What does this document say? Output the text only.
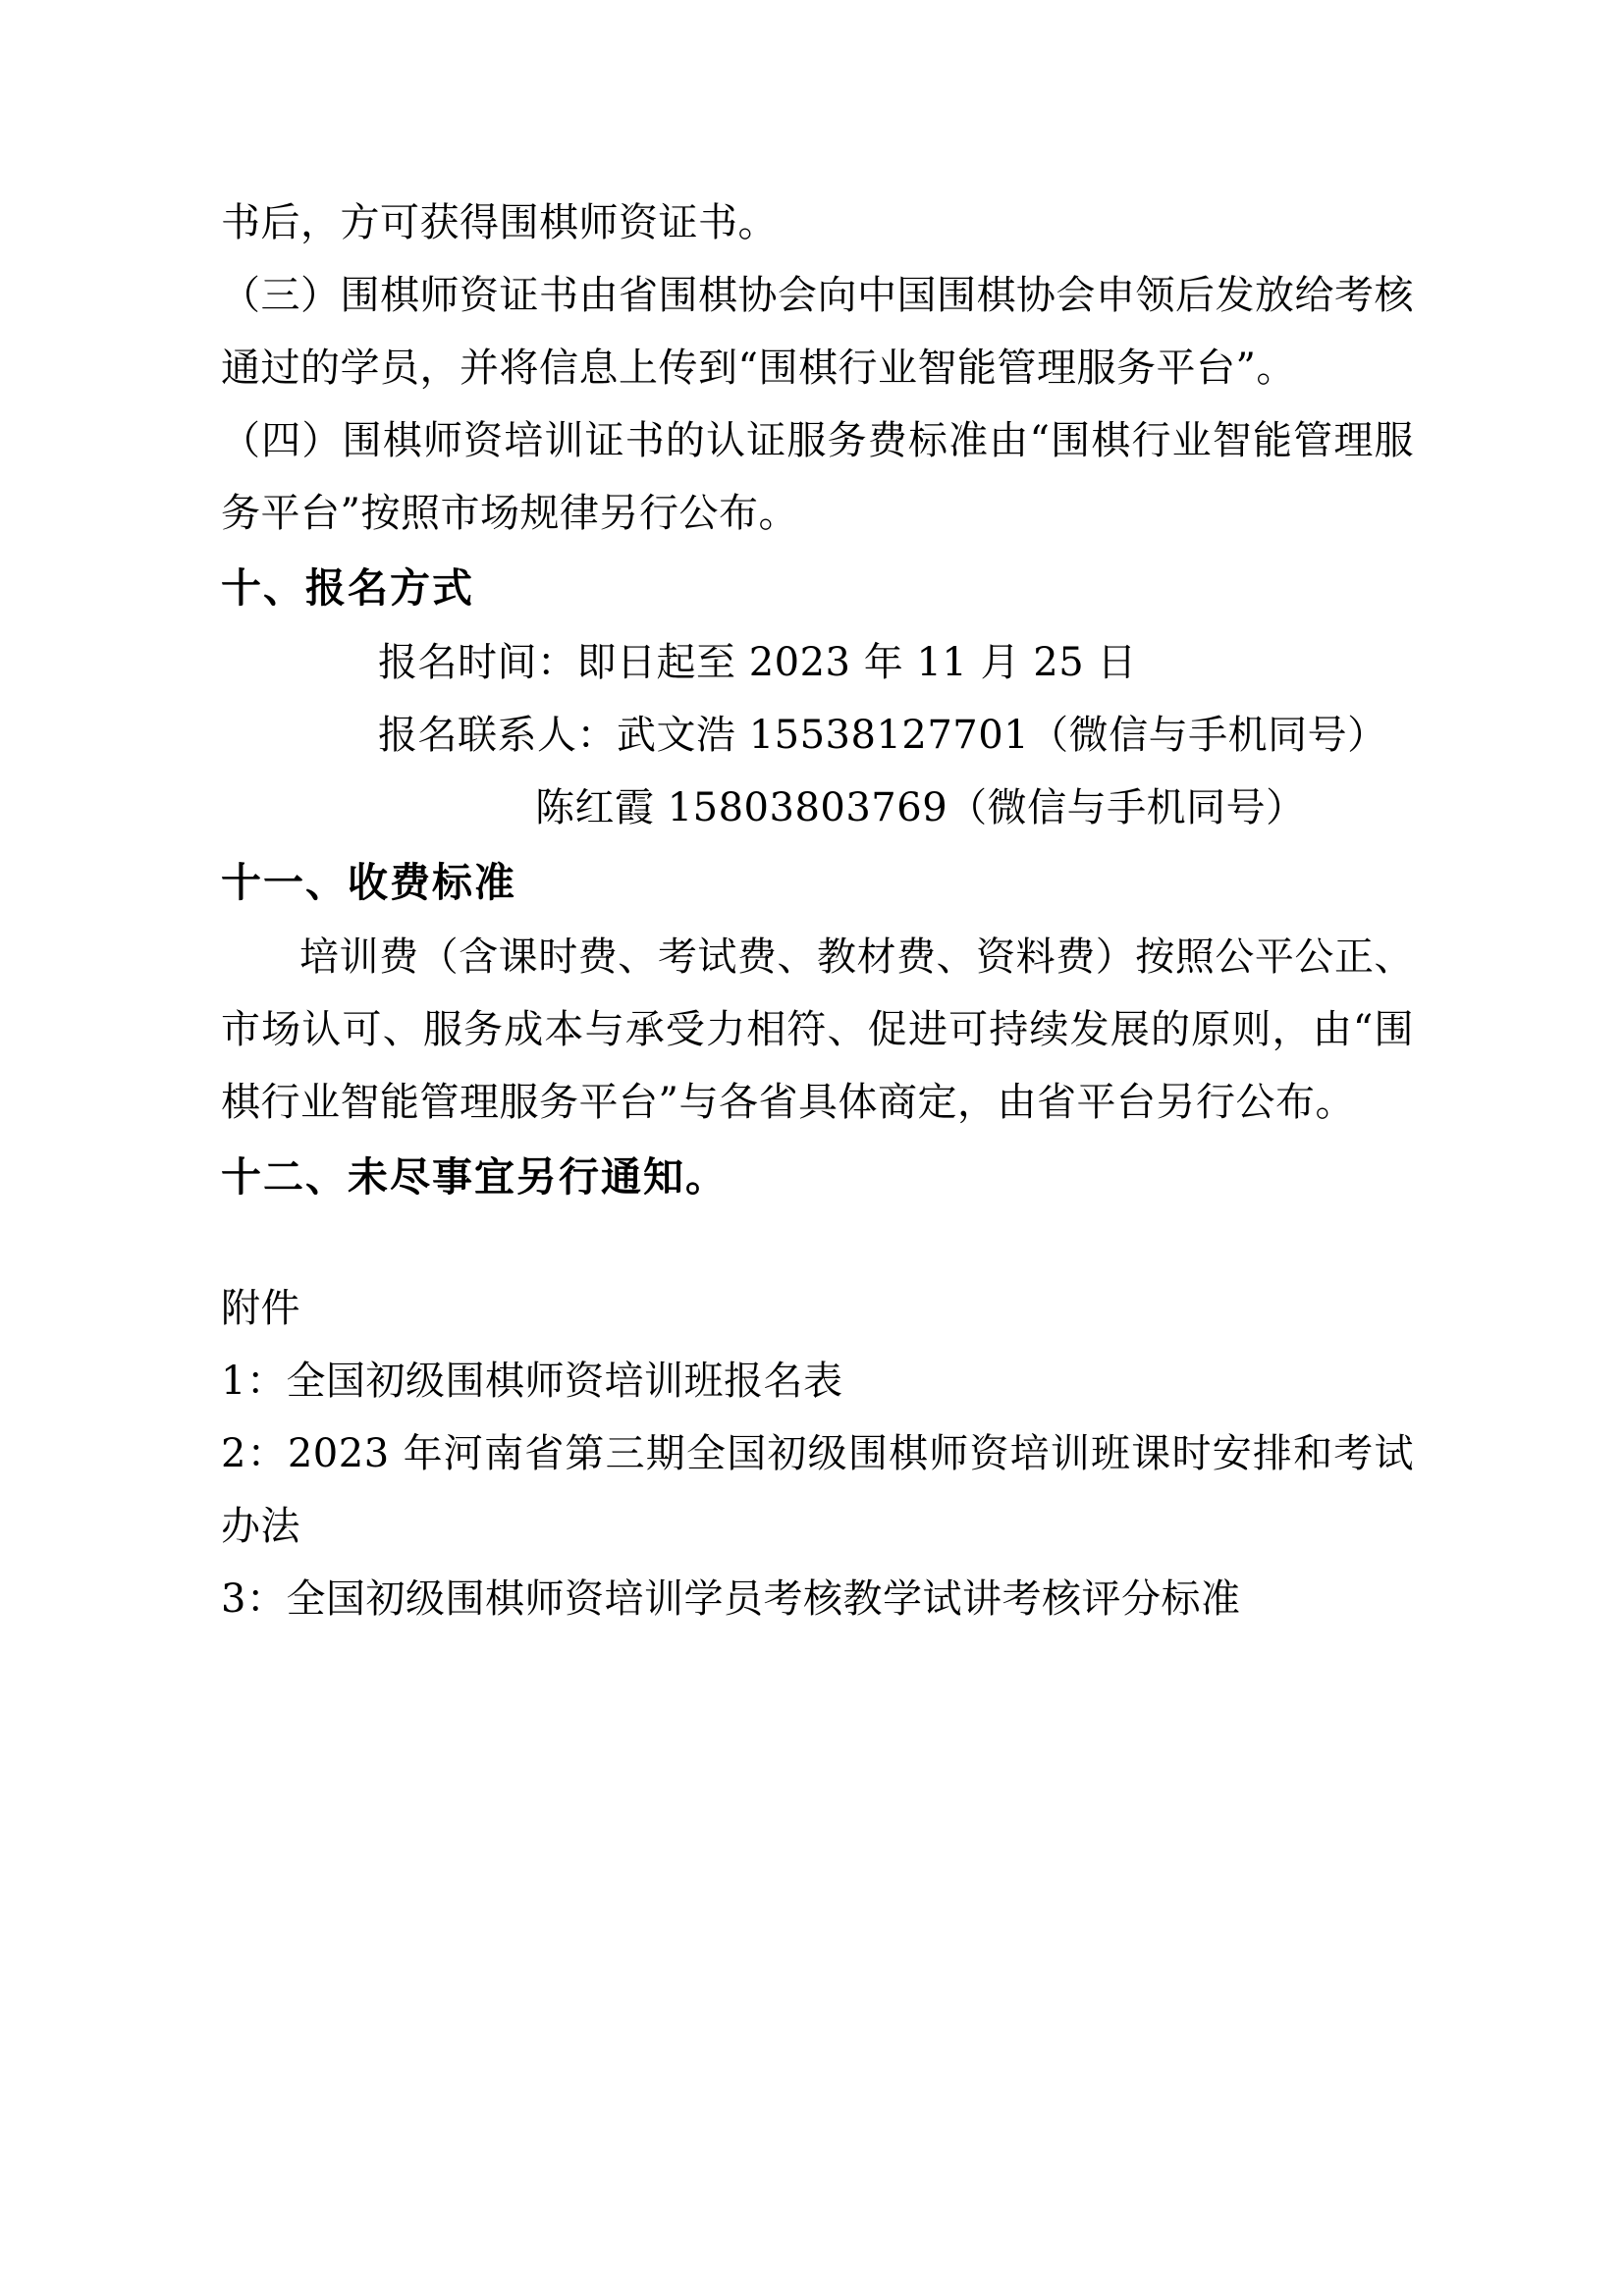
书后，方可获得围棋师资证书。

（三）围棋师资证书由省围棋协会向中国围棋协会申领后发放给考核通过的学员，并将信息上传到“围棋行业智能管理服务平台”。

（四）围棋师资培训证书的认证服务费标准由“围棋行业智能管理服务平台”按照市场规律另行公布。

十、报名方式

报名时间：即日起至 2023 年 11 月 25 日

报名联系人：武文浩 15538127701（微信与手机同号）

陈红霞 15803803769（微信与手机同号）

十一、收费标准

培训费（含课时费、考试费、教材费、资料费）按照公平公正、市场认可、服务成本与承受力相符、促进可持续发展的原则，由“围棋行业智能管理服务平台”与各省具体商定，由省平台另行公布。

十二、未尽事宜另行通知。

附件

1：全国初级围棋师资培训班报名表

2：2023 年河南省第三期全国初级围棋师资培训班课时安排和考试办法

3：全国初级围棋师资培训学员考核教学试讲考核评分标准
